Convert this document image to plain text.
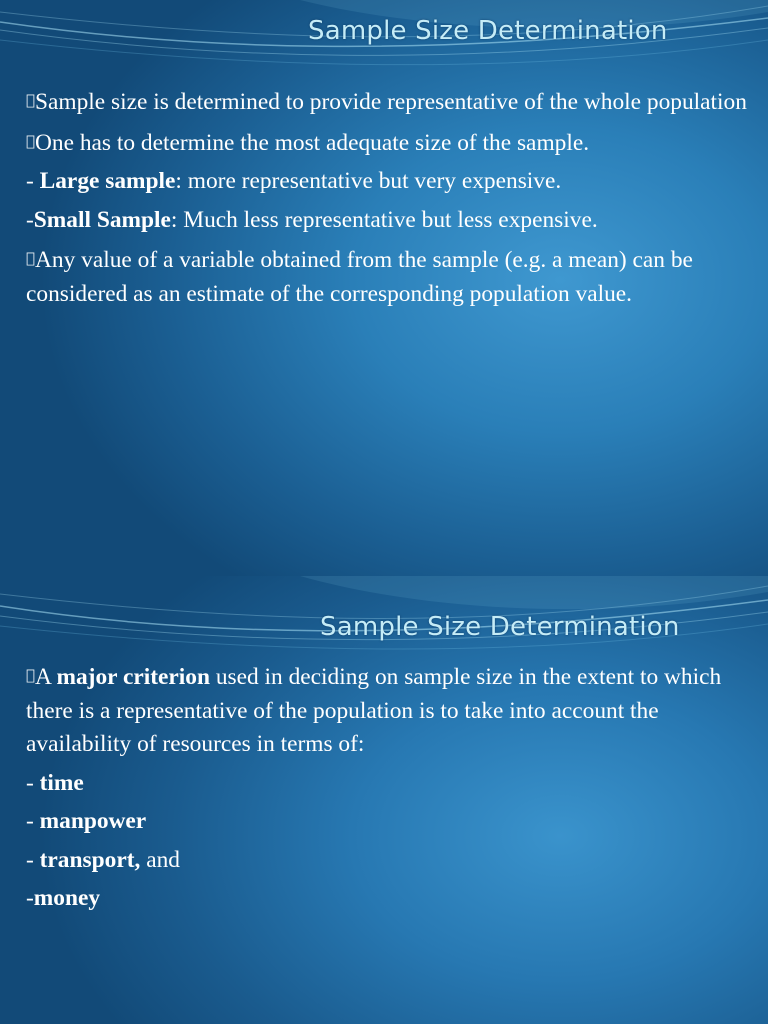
Sample Size Determination

Sample size is determined to provide representative of the whole population

One has to determine the most adequate size of the sample.

- Large sample: more representative but very expensive.

-Small Sample: Much less representative but less expensive.

Any value of a variable obtained from the sample (e.g. a mean) can be considered as an estimate of the corresponding population value.

Sample Size Determination

A major criterion used in deciding on sample size in the extent to which there is a representative of the population is to take into account the availability of resources in terms of:

- time

- manpower

- transport, and

-money
